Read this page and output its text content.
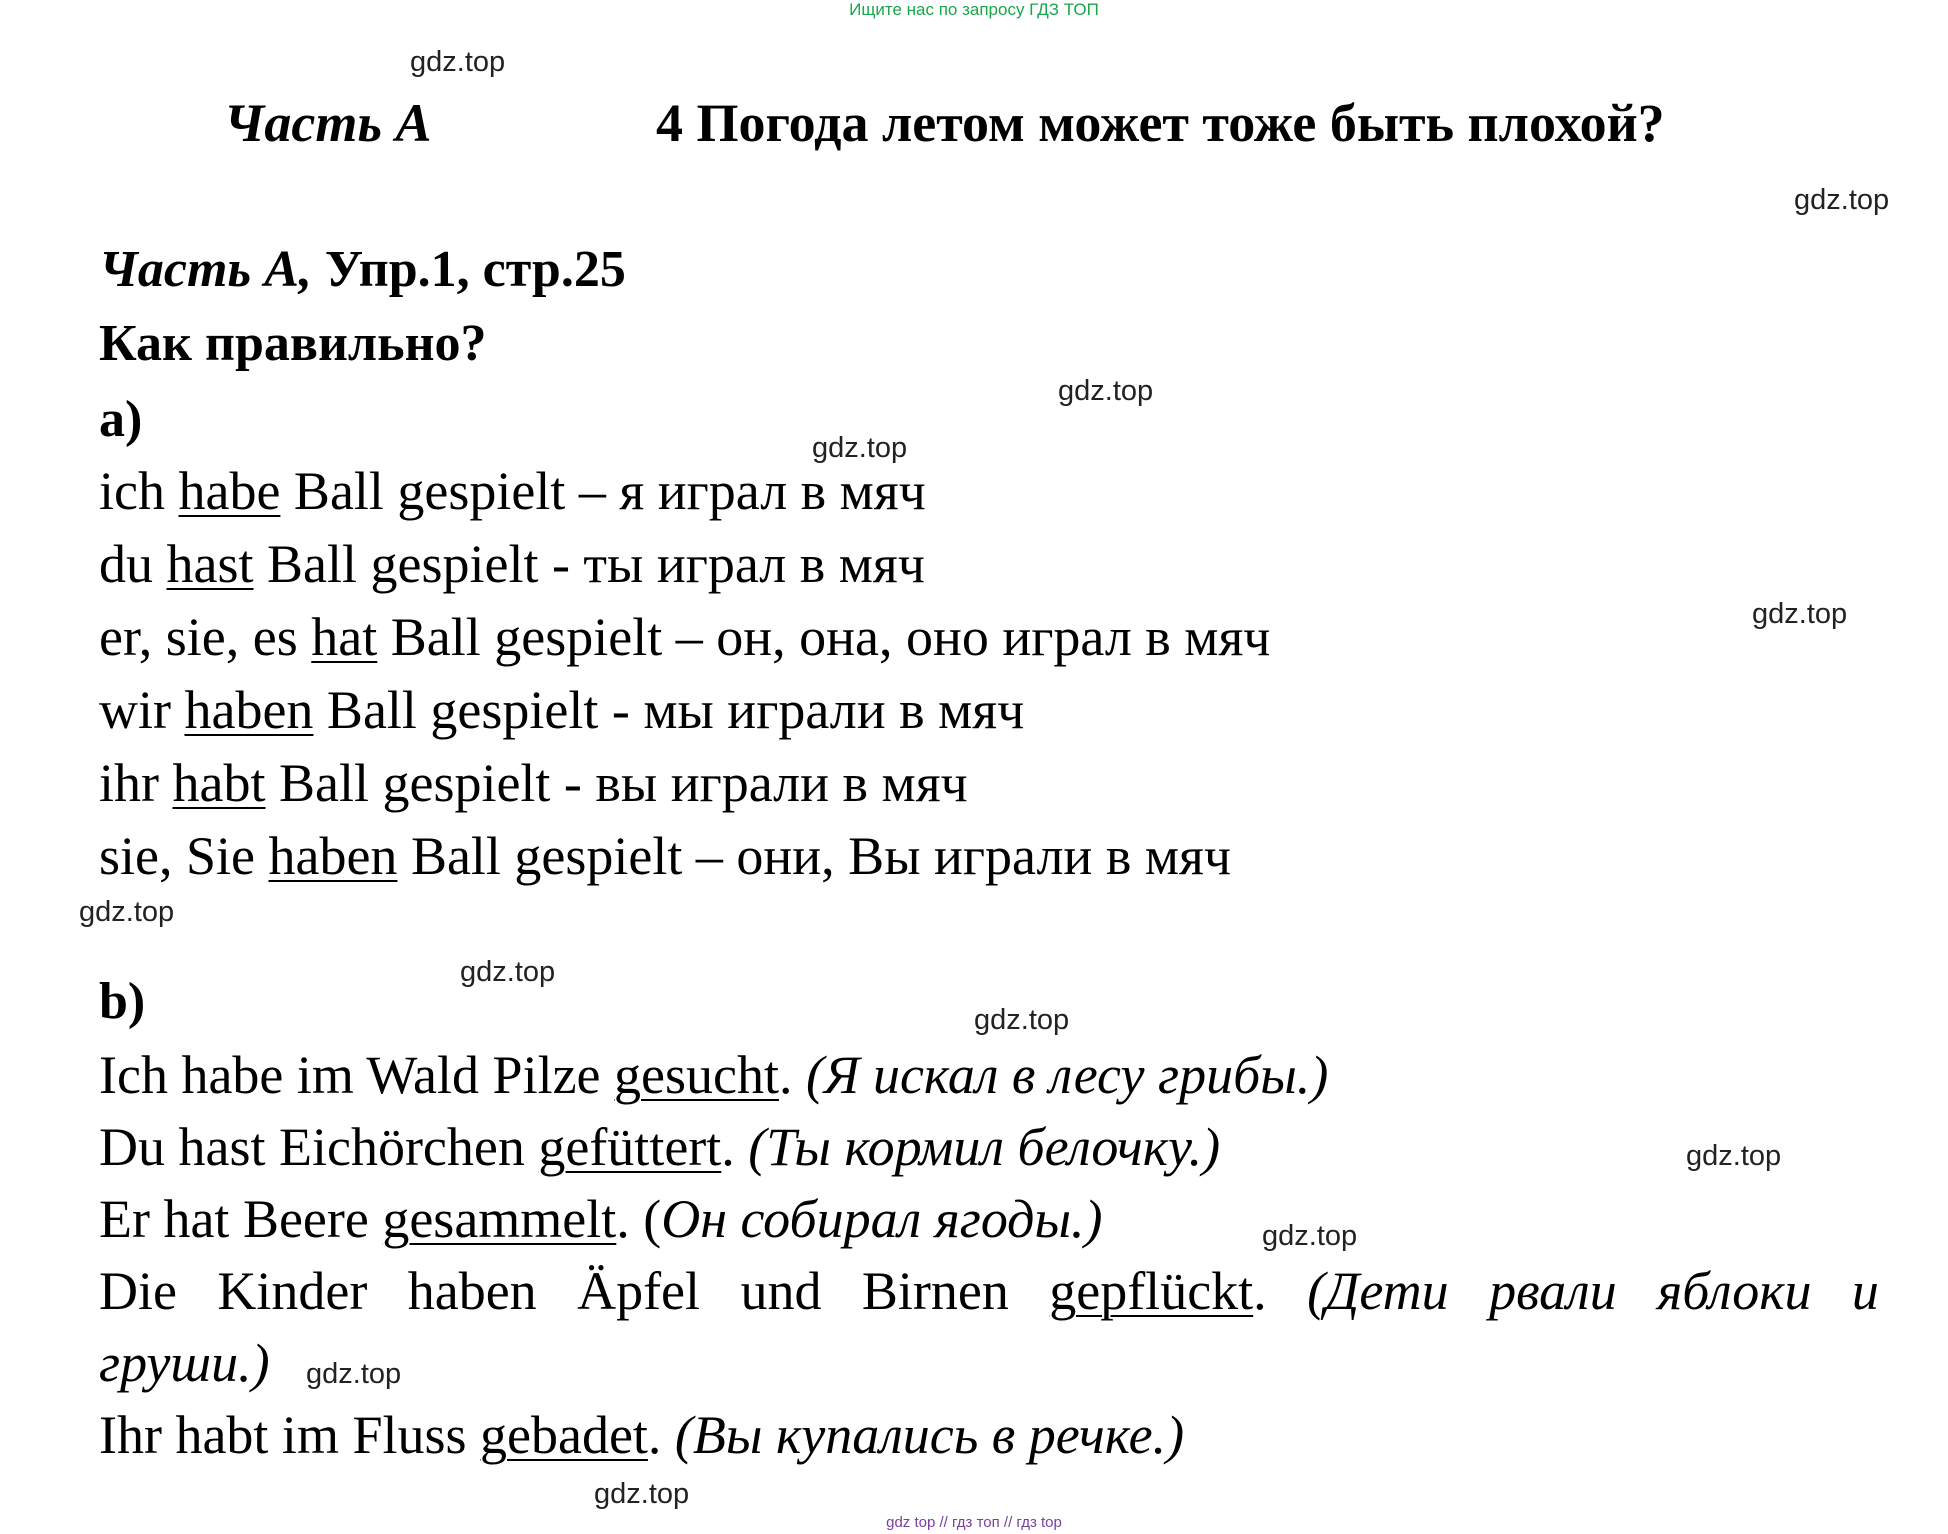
Ищите нас по запросу ГДЗ ТОП
gdz.top
gdz.top
gdz.top
gdz.top
gdz.top
gdz.top
gdz.top
gdz.top
gdz.top
gdz.top
gdz.top
gdz.top
Часть А	4 Погода летом может тоже быть плохой?
Часть А, Упр.1, стр.25
Как правильно?
a)
ich habe Ball gespielt – я играл в мяч
du hast Ball gespielt - ты играл в мяч
er, sie, es hat Ball gespielt – он, она, оно играл в мяч
wir haben Ball gespielt - мы играли в мяч
ihr habt Ball gespielt - вы играли в мяч
sie, Sie haben Ball gespielt – они, Вы играли в мяч
b)
Ich habe im Wald Pilze gesucht. (Я искал в лесу грибы.)
Du hast Eichörchen gefüttert. (Ты кормил белочку.)
Er hat Beere gesammelt. (Он собирал ягоды.)
Die Kinder haben Äpfel und Birnen gepflückt. (Дети рвали яблоки и
груши.)
Ihr habt im Fluss gebadet. (Вы купались в речке.)
gdz top // гдз топ // гдз top
